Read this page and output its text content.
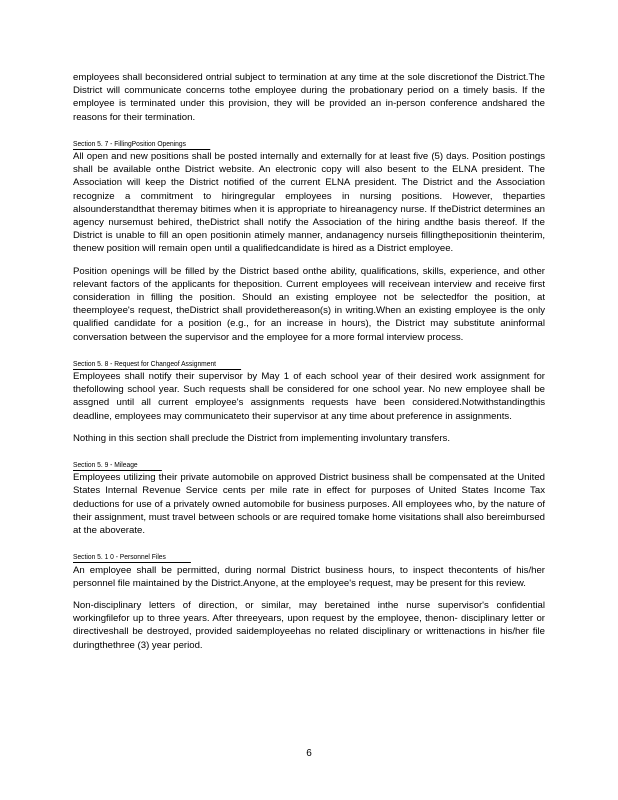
employees shall beconsidered ontrial subject to termination at any time at the sole discretionof the District.The District will communicate concerns tothe employee during the probationary period on a timely basis. If the employee is terminated under this provision, they will be provided an in-person conference andshared the reasons for their termination.

Section 5. 7 - FillingPosition Openings

All open and new positions shall be posted internally and externally for at least five (5) days. Position postings shall be available onthe District website. An electronic copy will also besent to the ELNA president. The Association will keep the District notified of the current ELNA president. The District and the Association recognize a commitment to hiringregular employees in nursing positions. However, theparties alsounderstandthat theremay bitimes when it is appropriate to hireanagency nurse. If theDistrict determines an agency nursemust behired, theDistrict shall notify the Association of the hiring andthe basis thereof. If the District is unable to fill an open positionin atimely manner, andanagency nurseis fillingthepositionin theinterim, thenew position will remain open until a qualifiedcandidate is hired as a District employee.

Position openings will be filled by the District based onthe ability, qualifications, skills, experience, and other relevant factors of the applicants for theposition. Current employees will receivean interview and receive first consideration in filling the position. Should an existing employee not be selectedfor the position, at theemployee's request, theDistrict shall providethereason(s) in writing.When an existing employee is the only qualified candidate for a position (e.g., for an increase in hours), the District may substitute aninformal conversation between the supervisor and the employee for a more formal interview process.

Section 5. 8 - Request for Changeof Assignment

Employees shall notify their supervisor by May 1 of each school year of their desired work assignment for thefollowing school year. Such requests shall be considered for one school year. No new employee shall be assgned until all current employee's assignments requests have been considered.Notwithstandingthis deadline, employees may communicateto their supervisor at any time about preference in assignments.

Nothing in this section shall preclude the District from implementing involuntary transfers.

Section 5. 9 - Mileage

Employees utilizing their private automobile on approved District business shall be compensated at the United States Internal Revenue Service cents per mile rate in effect for purposes of United States Income Tax deductions for use of a privately owned automobile for business purposes. All employees who, by the nature of their assignment, must travel between schools or are required tomake home visitations shall also bereimbursed at the aboverate.

Section 5. 1 0 - Personnel Files

An employee shall be permitted, during normal District business hours, to inspect thecontents of his/her personnel file maintained by the District.Anyone, at the employee's request, may be present for this review.

Non-disciplinary letters of direction, or similar, may beretained inthe nurse supervisor's confidential workingfilefor up to three years. After threeyears, upon request by the employee, thenon- disciplinary letter or directiveshall be destroyed, provided saidemployeehas no related disciplinary or writtenactions in his/her file duringthethree (3) year period.

6
